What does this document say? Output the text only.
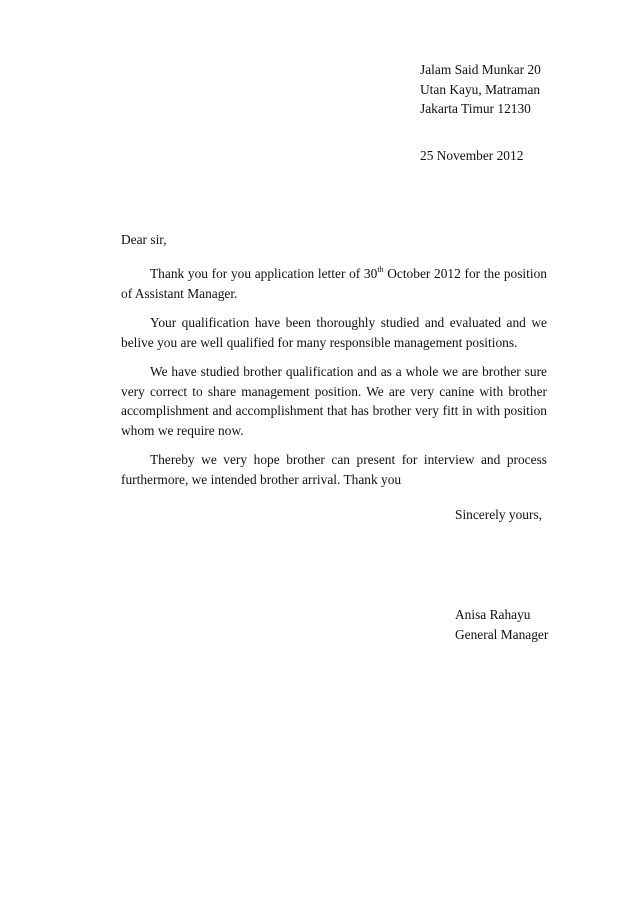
Jalam Said Munkar 20
Utan Kayu, Matraman
Jakarta Timur 12130
25 November 2012
Dear sir,

Thank you for you application letter of 30th October 2012 for the position of Assistant Manager.

Your qualification have been thoroughly studied and evaluated and we belive you are well qualified for many responsible management positions.

We have studied brother qualification and as a whole we are brother sure very correct to share management position. We are very canine with brother accomplishment and accomplishment that has brother very fitt in with position whom we require now.

Thereby we very hope brother can present for interview and process furthermore, we intended brother arrival. Thank you

Sincerely yours,
Anisa Rahayu
General Manager
